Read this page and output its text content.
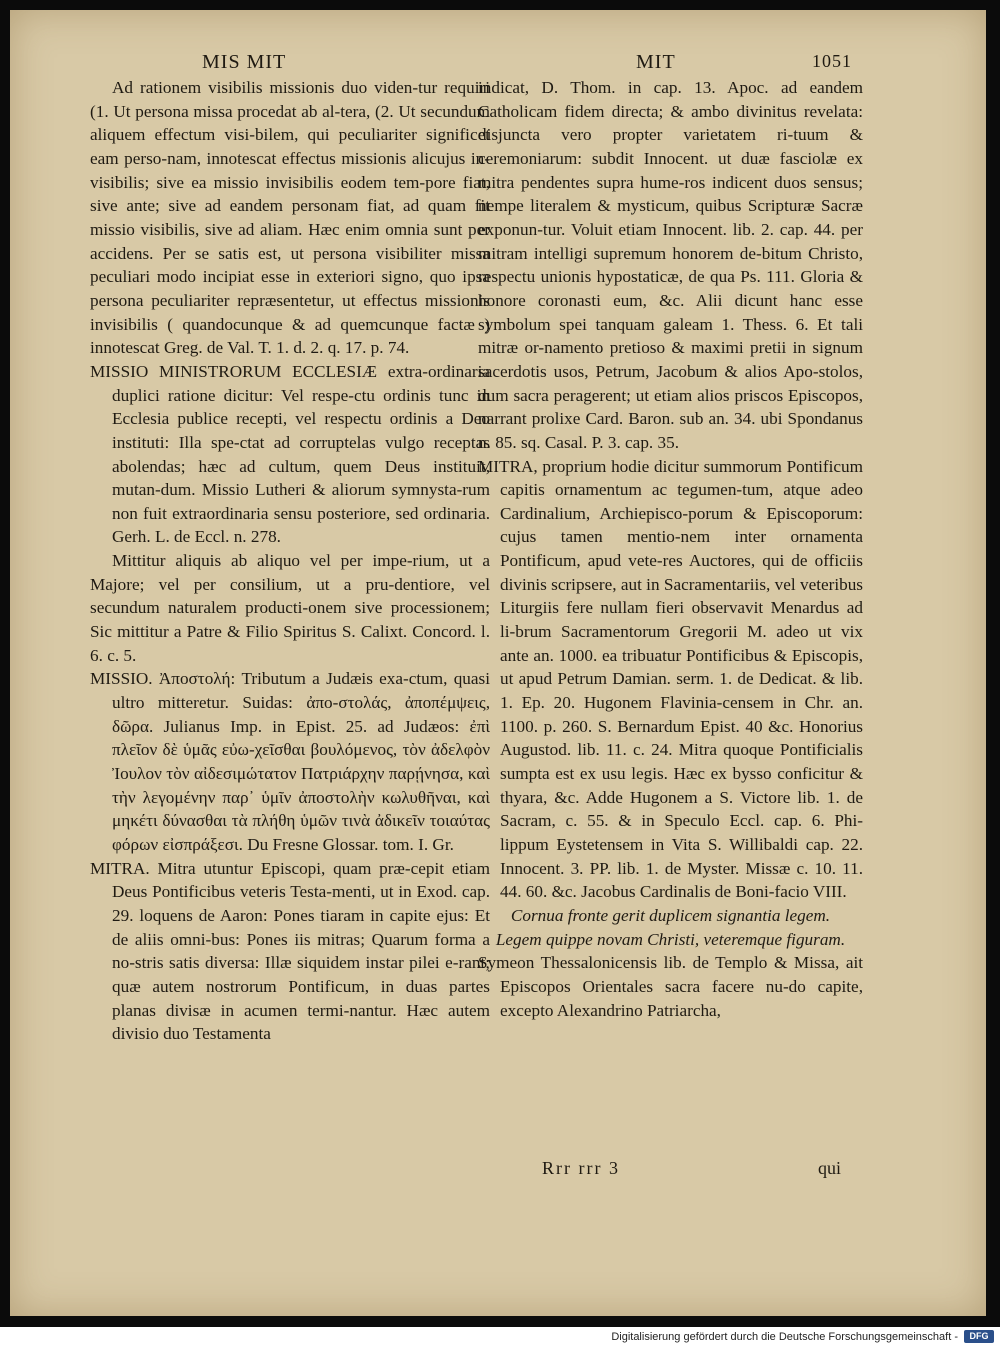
MIS MIT	MIT	1051

Ad rationem visibilis missionis duo viden-tur requiri (1. Ut persona missa procedat ab al-tera, (2. Ut secundum aliquem effectum visi-bilem, qui peculiariter significet eam perso-nam, innotescat effectus missionis alicujus in-visibilis; sive ea missio invisibilis eodem tem-pore fiat, sive ante; sive ad eandem personam fiat, ad quam fit missio visibilis, sive ad aliam. Hæc enim omnia sunt per accidens. Per se satis est, ut persona visibiliter missa peculiari modo incipiat esse in exteriori signo, quo ipsa persona peculiariter repræsentetur, ut effectus missionis invisibilis ( quandocunque & ad quemcunque factæ ) innotescat Greg. de Val. T. 1. d. 2. q. 17. p. 74.

MISSIO MINISTRORUM ECCLESIÆ extra-ordinaria duplici ratione dicitur: Vel respe-ctu ordinis tunc in Ecclesia publice recepti, vel respectu ordinis a Deo instituti: Illa spe-ctat ad corruptelas vulgo receptas abolendas; hæc ad cultum, quem Deus instituit, mutan-dum. Missio Lutheri & aliorum symnysta-rum non fuit extraordinaria sensu posteriore, sed ordinaria. Gerh. L. de Eccl. n. 278.

Mittitur aliquis ab aliquo vel per impe-rium, ut a Majore; vel per consilium, ut a pru-dentiore, vel secundum naturalem producti-onem sive processionem; Sic mittitur a Patre & Filio Spiritus S. Calixt. Concord. l. 6. c. 5.

MISSIO. Ἀποστολή: Tributum a Judæis exa-ctum, quasi ultro mitteretur. Suidas: ἀπο-στολάς, ἀποπέμψεις, δῶρα. Julianus Imp. in Epist. 25. ad Judæos: ἐπὶ πλεῖον δὲ ὑμᾶς εὐω-χεῖσθαι βουλόμενος, τὸν ἀδελφὸν Ἰουλον τὸν αἰδεσιμώτατον Πατριάρχην παρῄνησα, καὶ τὴν λεγομένην παρ᾽ ὑμῖν ἀποστολὴν κωλυθῆναι, καὶ μηκέτι δύνασθαι τὰ πλήθη ὑμῶν τινὰ ἀδικεῖν τοιαύτας φόρων εἰσπράξεσι. Du Fresne Glossar. tom. I. Gr.

MITRA. Mitra utuntur Episcopi, quam præ-cepit etiam Deus Pontificibus veteris Testa-menti, ut in Exod. cap. 29. loquens de Aaron: Pones tiaram in capite ejus: Et de aliis omni-bus: Pones iis mitras; Quarum forma a no-stris satis diversa: Illæ siquidem instar pilei e-rant; quæ autem nostrorum Pontificum, in duas partes planas divisæ in acumen termi-nantur. Hæc autem divisio duo Testamenta

indicat, D. Thom. in cap. 13. Apoc. ad eandem Catholicam fidem directa; & ambo divinitus revelata: disjuncta vero propter varietatem ri-tuum & ceremoniarum: subdit Innocent. ut duæ fasciolæ ex mitra pendentes supra hume-ros indicent duos sensus; nempe literalem & mysticum, quibus Scripturæ Sacræ exponun-tur. Voluit etiam Innocent. lib. 2. cap. 44. per mitram intelligi supremum honorem de-bitum Christo, respectu unionis hypostaticæ, de qua Ps. 111. Gloria & honore coronasti eum, &c. Alii dicunt hanc esse symbolum spei tanquam galeam 1. Thess. 6. Et tali mitræ or-namento pretioso & maximi pretii in signum sacerdotis usos, Petrum, Jacobum & alios Apo-stolos, dum sacra peragerent; ut etiam alios priscos Episcopos, narrant prolixe Card. Baron. sub an. 34. ubi Spondanus n. 85. sq. Casal. P. 3. cap. 35.

MITRA, proprium hodie dicitur summorum Pontificum capitis ornamentum ac tegumen-tum, atque adeo Cardinalium, Archiepisco-porum & Episcoporum: cujus tamen mentio-nem inter ornamenta Pontificum, apud vete-res Auctores, qui de officiis divinis scripsere, aut in Sacramentariis, vel veteribus Liturgiis fere nullam fieri observavit Menardus ad li-brum Sacramentorum Gregorii M. adeo ut vix ante an. 1000. ea tribuatur Pontificibus & Episcopis, ut apud Petrum Damian. serm. 1. de Dedicat. & lib. 1. Ep. 20. Hugonem Flavinia-censem in Chr. an. 1100. p. 260. S. Bernardum Epist. 40 &c. Honorius Augustod. lib. 11. c. 24. Mitra quoque Pontificialis sumpta est ex usu legis. Hæc ex bysso conficitur & thyara, &c. Adde Hugonem a S. Victore lib. 1. de Sacram, c. 55. & in Speculo Eccl. cap. 6. Phi-lippum Eystetensem in Vita S. Willibaldi cap. 22. Innocent. 3. PP. lib. 1. de Myster. Missæ c. 10. 11. 44. 60. &c. Jacobus Cardinalis de Boni-facio VIII.

Cornua fronte gerit duplicem signantia legem.

Legem quippe novam Christi, veteremque figuram.

Symeon Thessalonicensis lib. de Templo & Missa, ait Episcopos Orientales sacra facere nu-do capite, excepto Alexandrino Patriarcha,

Rrr rrr 3	qui
Digitalisierung gefördert durch die Deutsche Forschungsgemeinschaft -	DFG
